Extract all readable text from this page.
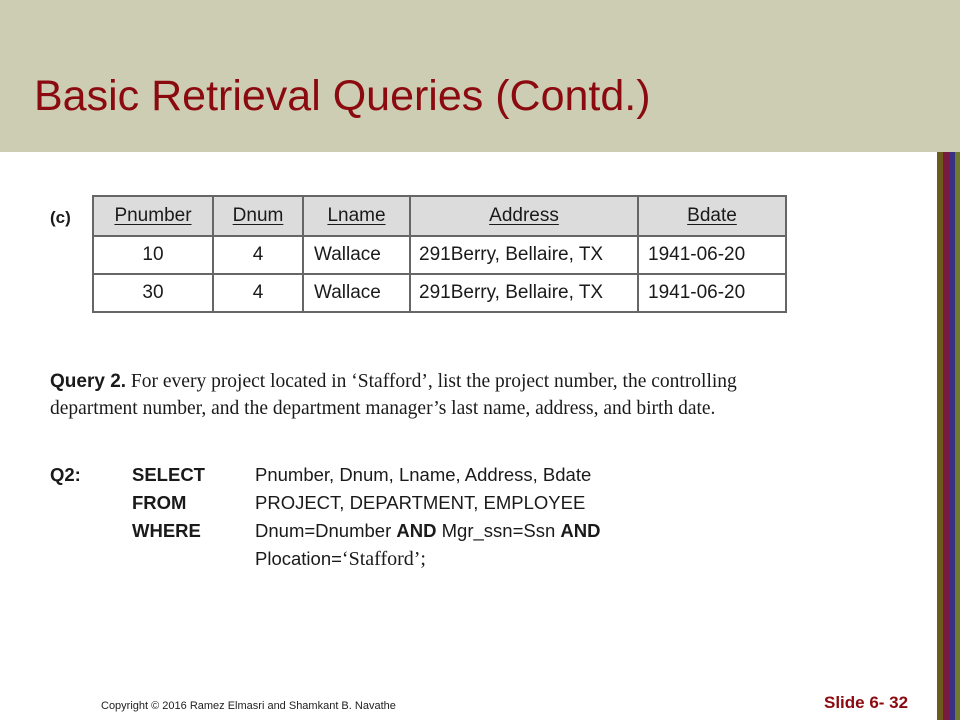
Basic Retrieval Queries (Contd.)
(c) Pnumber	Dnum	Lname	Address	Bdate
10	4	Wallace	291Berry, Bellaire, TX	1941-06-20
30	4	Wallace	291Berry, Bellaire, TX	1941-06-20

Query 2. For every project located in ‘Stafford’, list the project number, the controlling department number, and the department manager’s last name, address, and birth date.

Q2:	SELECT	Pnumber, Dnum, Lname, Address, Bdate
FROM	PROJECT, DEPARTMENT, EMPLOYEE
WHERE	Dnum=Dnumber AND Mgr_ssn=Ssn AND
Plocation=‘Stafford’;
Copyright © 2016 Ramez Elmasri and Shamkant B. Navathe	Slide 6- 32
